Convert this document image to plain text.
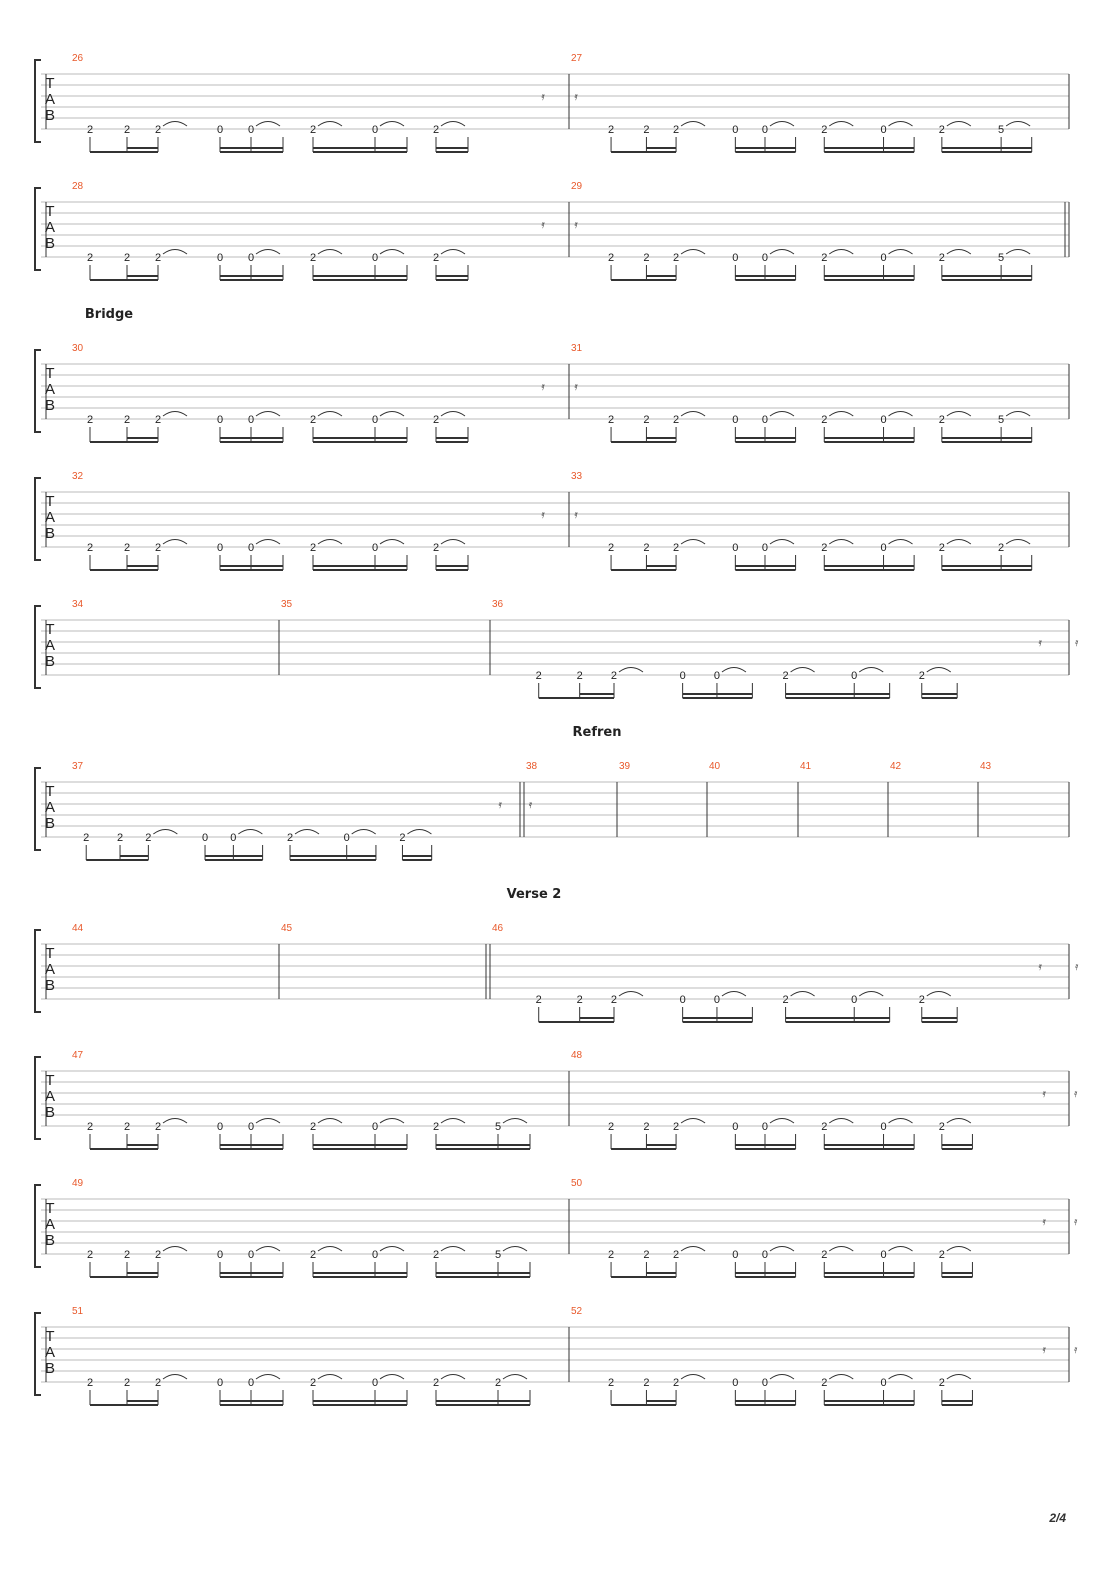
T
A
B
26
2	2 2	0 0	2	0	2
𝄿	𝄿
27
2	2 2	0 0	2	0	2	5
T
A
B
28
2	2 2	0 0	2	0	2
𝄿	𝄿
29
2	2 2	0 0	2	0	2	5
Bridge
T
A
B
30
2	2 2	0 0	2	0	2
𝄿	𝄿
31
2	2 2	0 0	2	0	2	5
T
A
B
32
2	2 2	0 0	2	0	2
𝄿	𝄿
33
2	2 2	0 0	2	0	2	2
T
A
B
34	35	36
2	2	2	0	0	2	0	2
𝄿	𝄿
Refren
T
A
B
37
2	2 2	0 0	2	0	2
𝄿 𝄿
38	39	40	41	42	43
Verse 2
T
A
B
44	45	46
2	2	2	0	0	2	0	2
𝄿	𝄿
T
A
B
47
2	2 2	0 0	2	0	2	5
48
2	2 2	0 0	2	0	2
𝄿	𝄿
T
A
B
49
2	2 2	0 0	2	0	2	5
50
2	2 2	0 0	2	0	2
𝄿	𝄿
T
A
B
51
2	2 2	0 0	2	0	2	2
52
2	2 2	0 0	2	0	2
𝄿	𝄿
2/4
